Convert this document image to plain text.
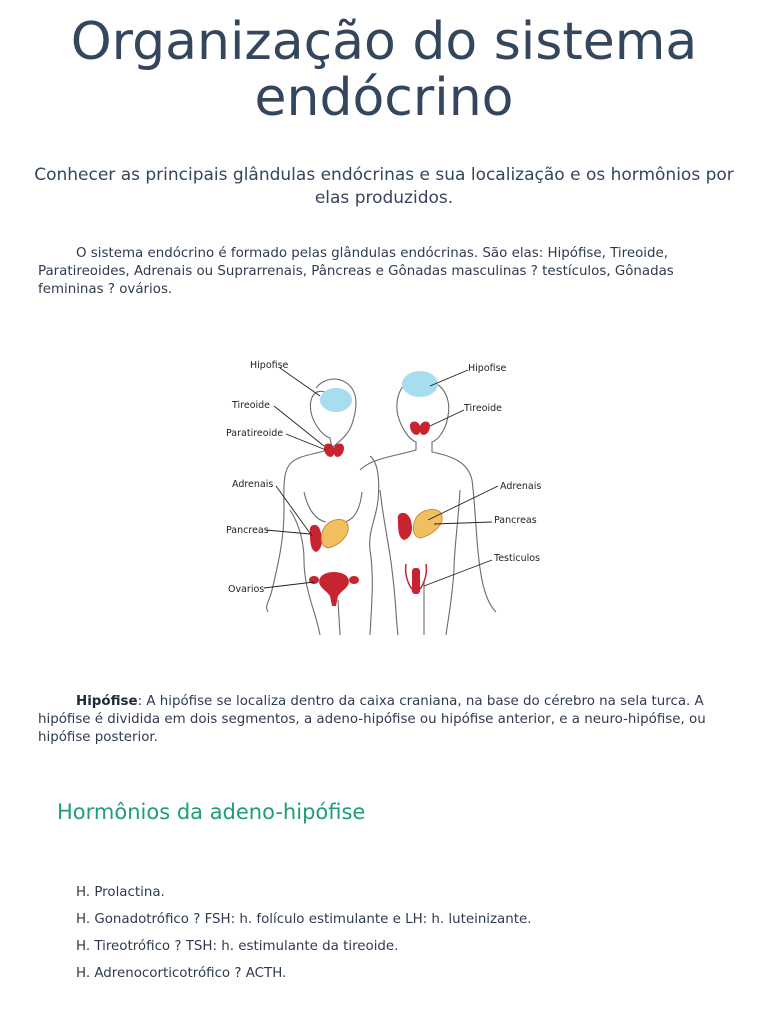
Organização do sistema endócrino

Conhecer as principais glândulas endócrinas e sua localização e os hormônios por elas produzidos.

O sistema endócrino é formado pelas glândulas endócrinas. São elas: Hipófise, Tireoide, Paratireoides, Adrenais ou Suprarrenais, Pâncreas e Gônadas masculinas ? testículos, Gônadas femininas ? ovários.

Hipofise
Tireoide
Paratireoide
Adrenais
Pancreas
Ovarios
Hipofise
Tireoide
Adrenais
Pancreas
Testiculos

Hipófise: A hipófise se localiza dentro da caixa craniana, na base do cérebro na sela turca. A hipófise é dividida em dois segmentos, a adeno-hipófise ou hipófise anterior, e a neuro-hipófise, ou hipófise posterior.

Hormônios da adeno-hipófise
H. Prolactina.
H. Gonadotrófico ? FSH: h. folículo estimulante e LH: h. luteinizante.
H. Tireotrófico ? TSH: h. estimulante da tireoide.
H. Adrenocorticotrófico ? ACTH.
